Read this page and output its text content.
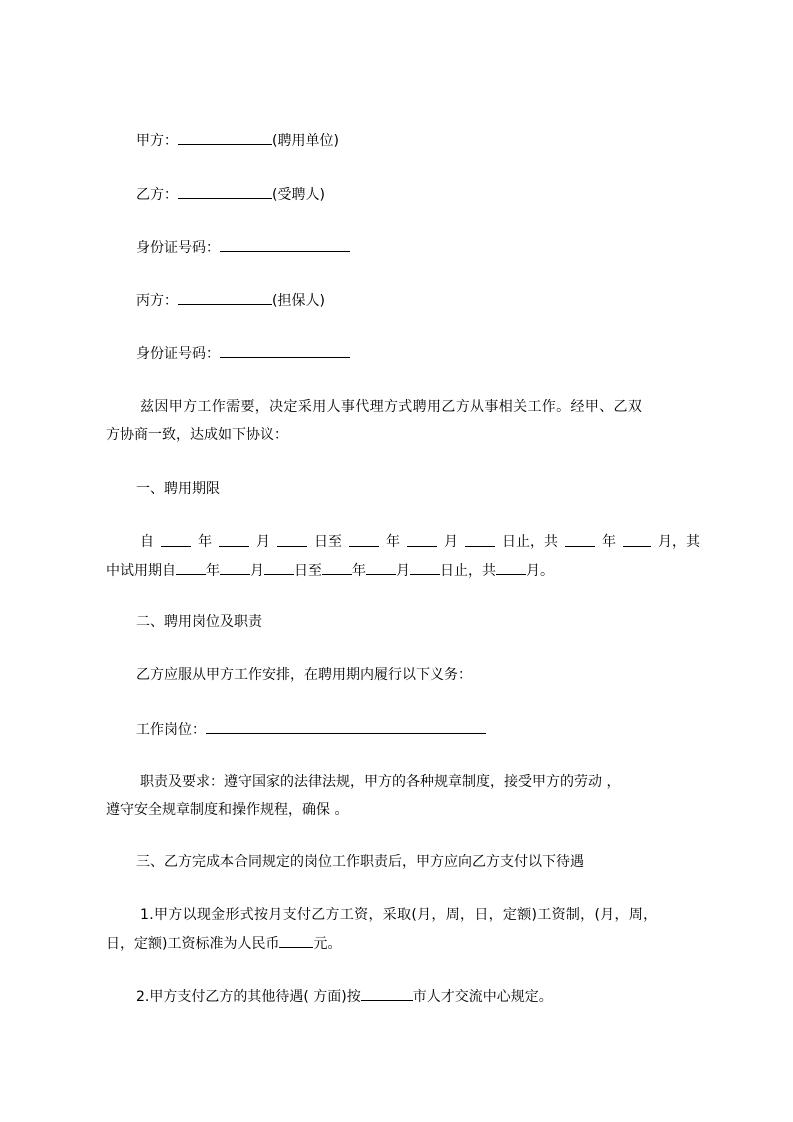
甲方：	(聘用单位)
乙方：	(受聘人)
身份证号码：
丙方：	(担保人)
身份证号码：
兹因甲方工作需要，决定采用人事代理方式聘用乙方从事相关工作。经甲、乙双
方协商一致，达成如下协议：
一、聘用期限
自	年	月	日至	年	月	日止，共	年	月，其
中试用期自 年 月 日至 年 月 日止，共 月。
二、聘用岗位及职责
乙方应服从甲方工作安排，在聘用期内履行以下义务：
工作岗位：
职责及要求：遵守国家的法律法规，甲方的各种规章制度，接受甲方的劳动 ，
遵守安全规章制度和操作规程，确保 。
三、乙方完成本合同规定的岗位工作职责后，甲方应向乙方支付以下待遇
1.甲方以现金形式按月支付乙方工资，采取(月，周，日，定额)工资制，(月，周，
日，定额)工资标准为人民币 元。
2.甲方支付乙方的其他待遇( 方面)按	市人才交流中心规定。
